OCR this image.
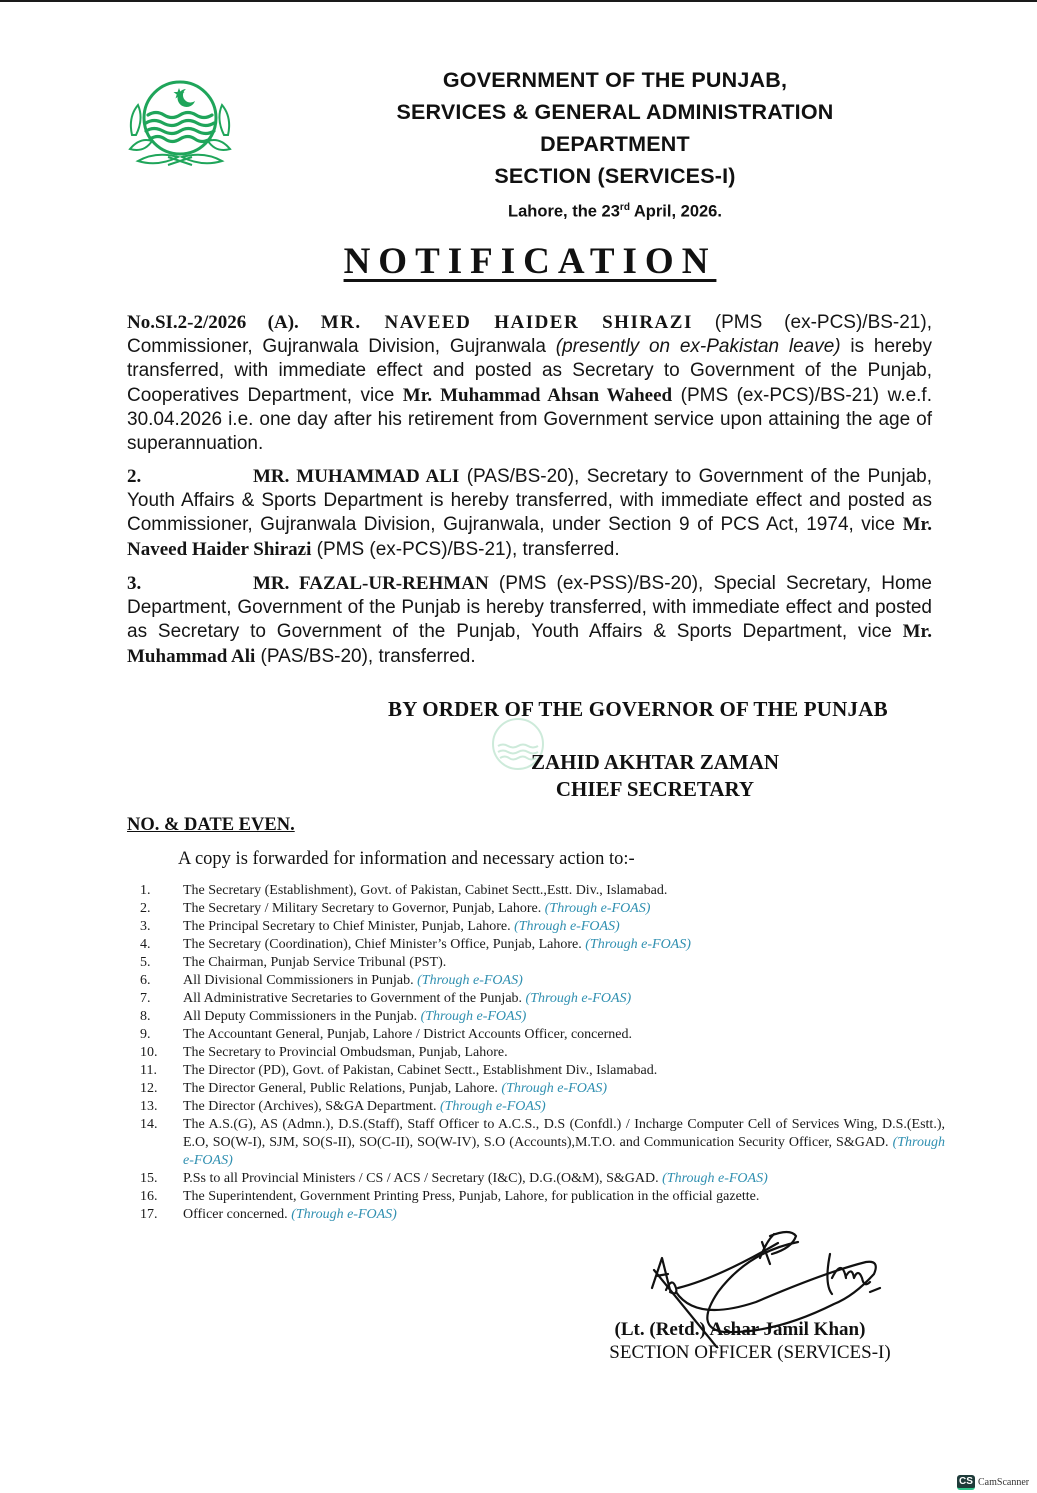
GOVERNMENT OF THE PUNJAB,
SERVICES & GENERAL ADMINISTRATION
DEPARTMENT
SECTION (SERVICES-I)
Lahore, the 23rd April, 2026.
NOTIFICATION
No.SI.2-2/2026 (A). MR. NAVEED HAIDER SHIRAZI (PMS (ex-PCS)/BS-21), Commissioner, Gujranwala Division, Gujranwala (presently on ex-Pakistan leave) is hereby transferred, with immediate effect and posted as Secretary to Government of the Punjab, Cooperatives Department, vice Mr. Muhammad Ahsan Waheed (PMS (ex-PCS)/BS-21) w.e.f. 30.04.2026 i.e. one day after his retirement from Government service upon attaining the age of superannuation.
2.	MR. MUHAMMAD ALI (PAS/BS-20), Secretary to Government of the Punjab, Youth Affairs & Sports Department is hereby transferred, with immediate effect and posted as Commissioner, Gujranwala Division, Gujranwala, under Section 9 of PCS Act, 1974, vice Mr. Naveed Haider Shirazi (PMS (ex-PCS)/BS-21), transferred.
3.	MR. FAZAL-UR-REHMAN (PMS (ex-PSS)/BS-20), Special Secretary, Home Department, Government of the Punjab is hereby transferred, with immediate effect and posted as Secretary to Government of the Punjab, Youth Affairs & Sports Department, vice Mr. Muhammad Ali (PAS/BS-20), transferred.
BY ORDER OF THE GOVERNOR OF THE PUNJAB
ZAHID AKHTAR ZAMAN
CHIEF SECRETARY
NO. & DATE EVEN.
A copy is forwarded for information and necessary action to:-
1.	The Secretary (Establishment), Govt. of Pakistan, Cabinet Sectt.,Estt. Div., Islamabad.
2.	The Secretary / Military Secretary to Governor, Punjab, Lahore. (Through e-FOAS)
3.	The Principal Secretary to Chief Minister, Punjab, Lahore. (Through e-FOAS)
4.	The Secretary (Coordination), Chief Minister’s Office, Punjab, Lahore. (Through e-FOAS)
5.	The Chairman, Punjab Service Tribunal (PST).
6.	All Divisional Commissioners in Punjab. (Through e-FOAS)
7.	All Administrative Secretaries to Government of the Punjab. (Through e-FOAS)
8.	All Deputy Commissioners in the Punjab. (Through e-FOAS)
9.	The Accountant General, Punjab, Lahore / District Accounts Officer, concerned.
10.	The Secretary to Provincial Ombudsman, Punjab, Lahore.
11.	The Director (PD), Govt. of Pakistan, Cabinet Sectt., Establishment Div., Islamabad.
12.	The Director General, Public Relations, Punjab, Lahore. (Through e-FOAS)
13.	The Director (Archives), S&GA Department. (Through e-FOAS)
14.	The A.S.(G), AS (Admn.), D.S.(Staff), Staff Officer to A.C.S., D.S (Confdl.) / Incharge Computer Cell of Services Wing, D.S.(Estt.), E.O, SO(W-I), SJM, SO(S-II), SO(C-II), SO(W-IV), S.O (Accounts),M.T.O. and Communication Security Officer, S&GAD. (Through e-FOAS)
15.	P.Ss to all Provincial Ministers / CS / ACS / Secretary (I&C), D.G.(O&M), S&GAD. (Through e-FOAS)
16.	The Superintendent, Government Printing Press, Punjab, Lahore, for publication in the official gazette.
17.	Officer concerned. (Through e-FOAS)
(Lt. (Retd.) Ashar Jamil Khan)
SECTION OFFICER (SERVICES-I)
CS CamScanner
